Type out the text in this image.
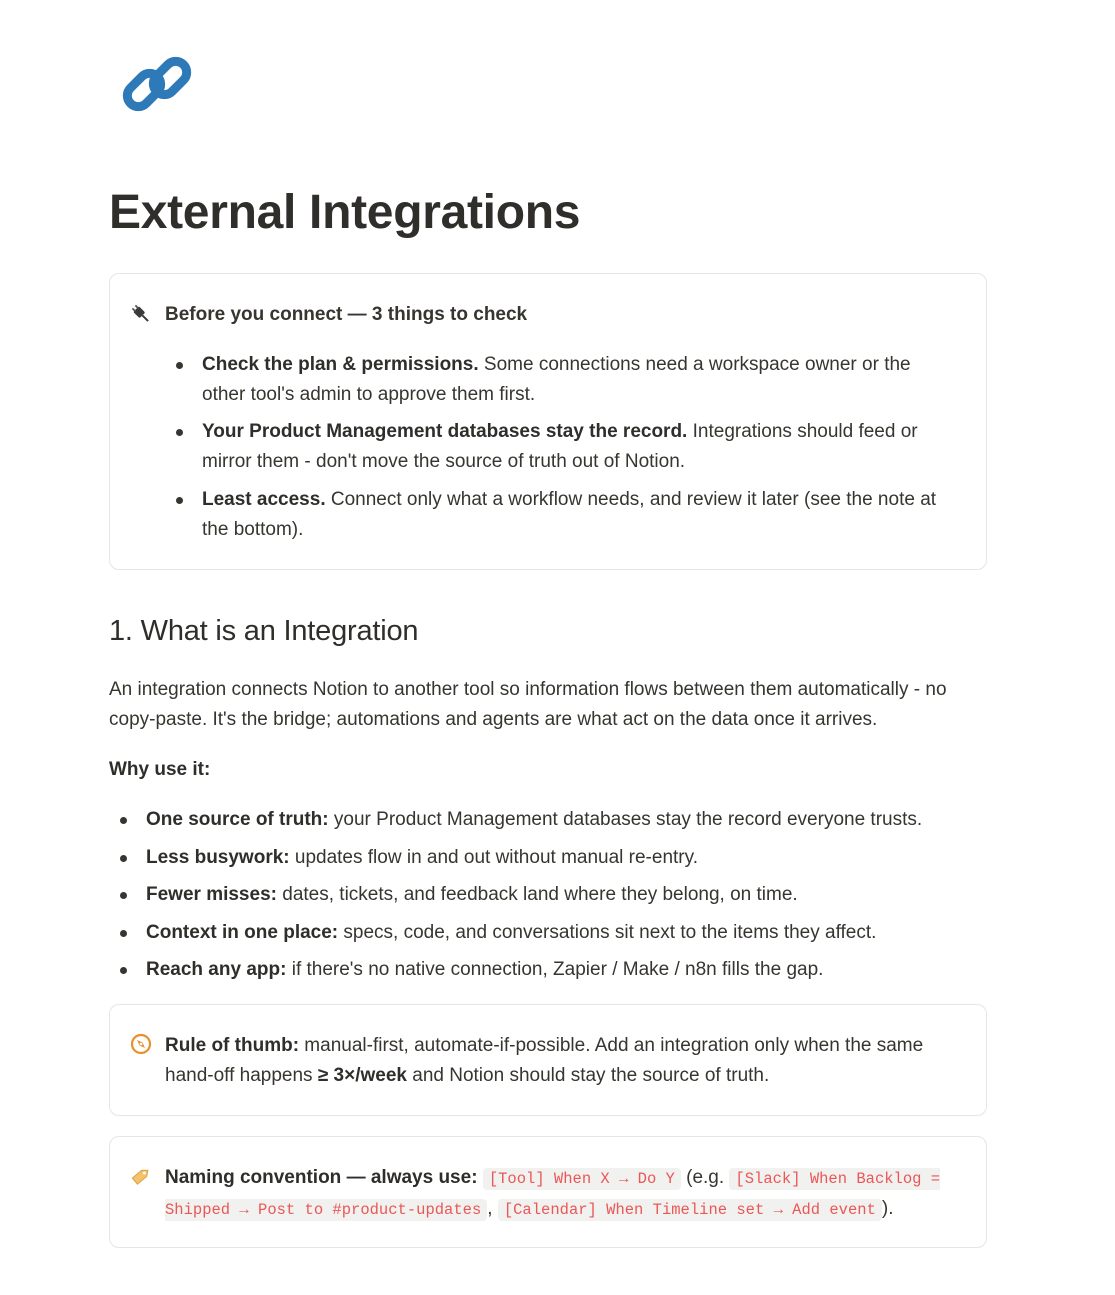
External Integrations
Before you connect — 3 things to check
Check the plan & permissions. Some connections need a workspace owner or the other tool's admin to approve them first.
Your Product Management databases stay the record. Integrations should feed or mirror them - don't move the source of truth out of Notion.
Least access. Connect only what a workflow needs, and review it later (see the note at the bottom).
1. What is an Integration
An integration connects Notion to another tool so information flows between them automatically - no copy-paste. It's the bridge; automations and agents are what act on the data once it arrives.
Why use it:
One source of truth: your Product Management databases stay the record everyone trusts.
Less busywork: updates flow in and out without manual re-entry.
Fewer misses: dates, tickets, and feedback land where they belong, on time.
Context in one place: specs, code, and conversations sit next to the items they affect.
Reach any app: if there's no native connection, Zapier / Make / n8n fills the gap.
Rule of thumb: manual-first, automate-if-possible. Add an integration only when the same hand-off happens ≥ 3×/week and Notion should stay the source of truth.
Naming convention — always use: [Tool] When X → Do Y (e.g. [Slack] When Backlog = Shipped → Post to #product-updates , [Calendar] When Timeline set → Add event ).
